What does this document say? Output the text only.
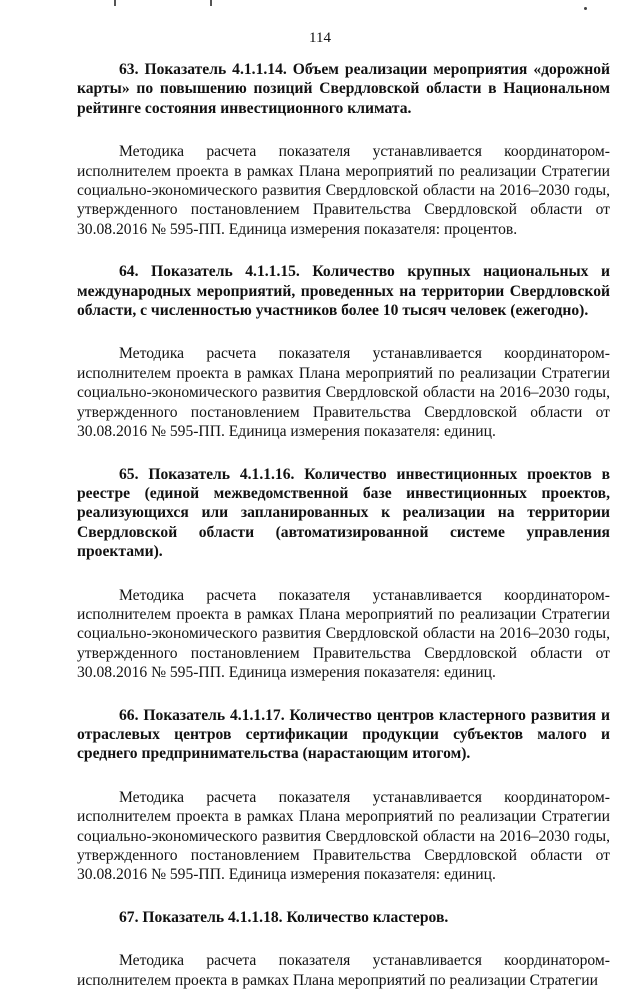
114

63. Показатель 4.1.1.14. Объем реализации мероприятия «дорожной карты» по повышению позиций Свердловской области в Национальном рейтинге состояния инвестиционного климата.

Методика расчета показателя устанавливается координатором-исполнителем проекта в рамках Плана мероприятий по реализации Стратегии социально-экономического развития Свердловской области на 2016–2030 годы, утвержденного постановлением Правительства Свердловской области от 30.08.2016 № 595-ПП. Единица измерения показателя: процентов.

64. Показатель 4.1.1.15. Количество крупных национальных и международных мероприятий, проведенных на территории Свердловской области, с численностью участников более 10 тысяч человек (ежегодно).

Методика расчета показателя устанавливается координатором-исполнителем проекта в рамках Плана мероприятий по реализации Стратегии социально-экономического развития Свердловской области на 2016–2030 годы, утвержденного постановлением Правительства Свердловской области от 30.08.2016 № 595-ПП. Единица измерения показателя: единиц.

65. Показатель 4.1.1.16. Количество инвестиционных проектов в реестре (единой межведомственной базе инвестиционных проектов, реализующихся или запланированных к реализации на территории Свердловской области (автоматизированной системе управления проектами).

Методика расчета показателя устанавливается координатором-исполнителем проекта в рамках Плана мероприятий по реализации Стратегии социально-экономического развития Свердловской области на 2016–2030 годы, утвержденного постановлением Правительства Свердловской области от 30.08.2016 № 595-ПП. Единица измерения показателя: единиц.

66. Показатель 4.1.1.17. Количество центров кластерного развития и отраслевых центров сертификации продукции субъектов малого и среднего предпринимательства (нарастающим итогом).

Методика расчета показателя устанавливается координатором-исполнителем проекта в рамках Плана мероприятий по реализации Стратегии социально-экономического развития Свердловской области на 2016–2030 годы, утвержденного постановлением Правительства Свердловской области от 30.08.2016 № 595-ПП. Единица измерения показателя: единиц.

67. Показатель 4.1.1.18. Количество кластеров.

Методика расчета показателя устанавливается координатором-исполнителем проекта в рамках Плана мероприятий по реализации Стратегии
